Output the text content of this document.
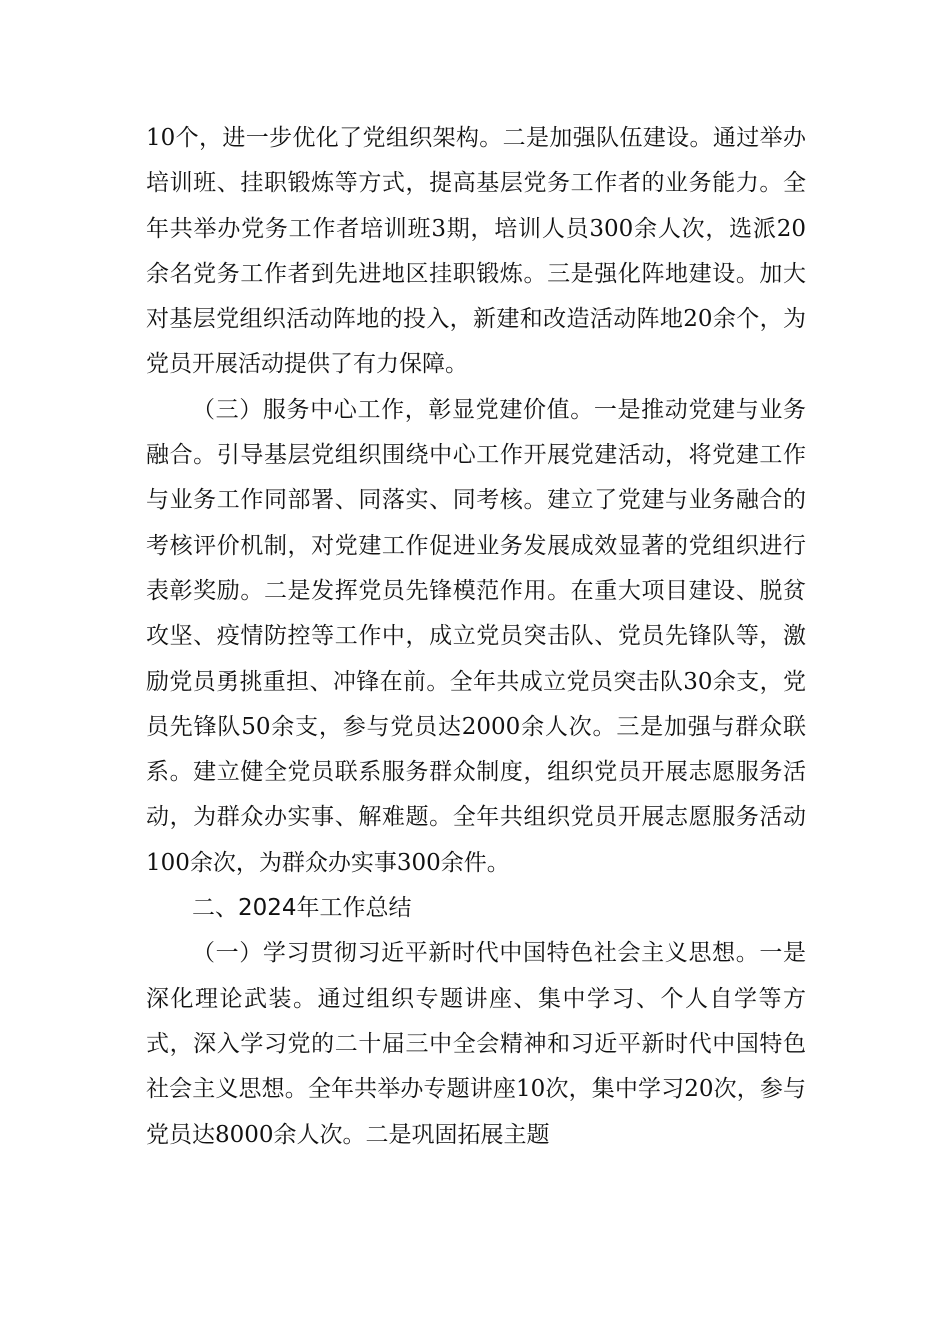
10个，进一步优化了党组织架构。二是加强队伍建设。通过举办培训班、挂职锻炼等方式，提高基层党务工作者的业务能力。全年共举办党务工作者培训班3期，培训人员300余人次，选派20余名党务工作者到先进地区挂职锻炼。三是强化阵地建设。加大对基层党组织活动阵地的投入，新建和改造活动阵地20余个，为党员开展活动提供了有力保障。

（三）服务中心工作，彰显党建价值。一是推动党建与业务融合。引导基层党组织围绕中心工作开展党建活动，将党建工作与业务工作同部署、同落实、同考核。建立了党建与业务融合的考核评价机制，对党建工作促进业务发展成效显著的党组织进行表彰奖励。二是发挥党员先锋模范作用。在重大项目建设、脱贫攻坚、疫情防控等工作中，成立党员突击队、党员先锋队等，激励党员勇挑重担、冲锋在前。全年共成立党员突击队30余支，党员先锋队50余支，参与党员达2000余人次。三是加强与群众联系。建立健全党员联系服务群众制度，组织党员开展志愿服务活动，为群众办实事、解难题。全年共组织党员开展志愿服务活动100余次，为群众办实事300余件。

二、2024年工作总结

（一）学习贯彻习近平新时代中国特色社会主义思想。一是深化理论武装。通过组织专题讲座、集中学习、个人自学等方式，深入学习党的二十届三中全会精神和习近平新时代中国特色社会主义思想。全年共举办专题讲座10次，集中学习20次，参与党员达8000余人次。二是巩固拓展主题
